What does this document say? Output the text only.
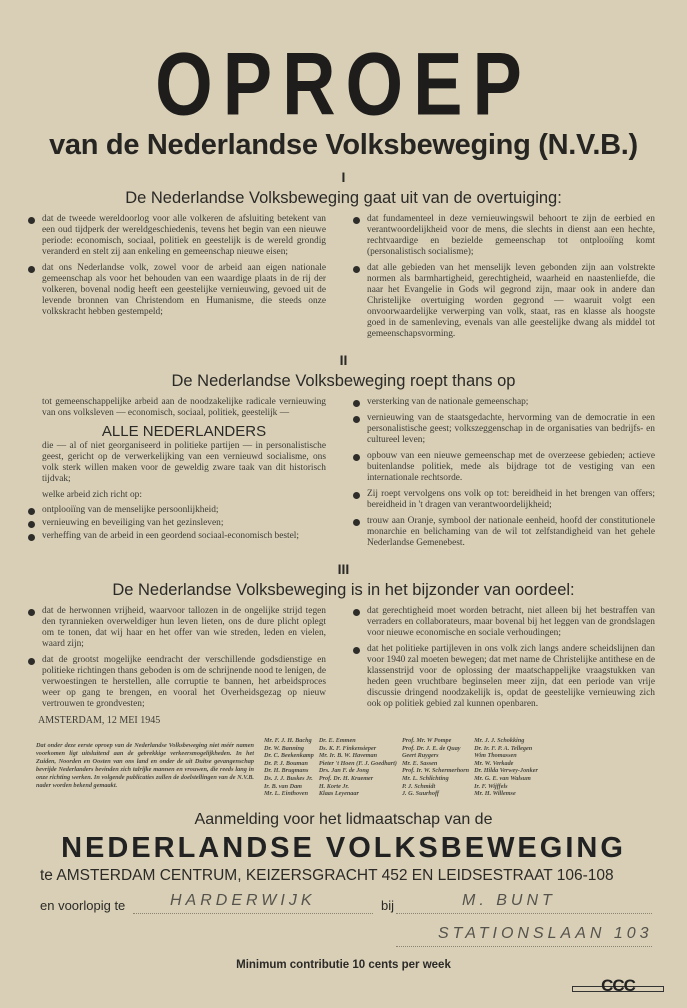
OPROEP
van de Nederlandse Volksbeweging (N.V.B.)
I
De Nederlandse Volksbeweging gaat uit van de overtuiging:
dat de tweede wereldoorlog voor alle volkeren de afsluiting betekent van een oud tijdperk der wereldgeschiedenis, tevens het begin van een nieuwe periode: economisch, sociaal, politiek en geestelijk is de wereld grondig veranderd en stelt zij aan enkeling en gemeenschap nieuwe eisen;
dat ons Nederlandse volk, zowel voor de arbeid aan eigen nationale gemeenschap als voor het behouden van een waardige plaats in de rij der volkeren, bovenal nodig heeft een geestelijke vernieuwing, gevoed uit de levende bronnen van Christendom en Humanisme, die steeds onze volkskracht hebben gestempeld;
dat fundamenteel in deze vernieuwingswil behoort te zijn de eerbied en verantwoordelijkheid voor de mens, die slechts in dienst aan een hechte, rechtvaardige en bezielde gemeenschap tot ontplooiïng komt (personalistisch socialisme);
dat alle gebieden van het menselijk leven gebonden zijn aan volstrekte normen als barmhartigheid, gerechtigheid, waarheid en naastenliefde, die naar het Evangelie in Gods wil gegrond zijn, maar ook in andere dan Christelijke overtuiging worden gegrond — waaruit volgt een onvoorwaardelijke verwerping van volk, staat, ras en klasse als hoogste goed in de samenleving, evenals van alle geestelijke dwang als middel tot gemeenschapsvorming.
II
De Nederlandse Volksbeweging roept thans op
tot gemeenschappelijke arbeid aan de noodzakelijke radicale vernieuwing van ons volksleven — economisch, sociaal, politiek, geestelijk —
ALLE NEDERLANDERS
die — al of niet georganiseerd in politieke partijen — in personalistische geest, gericht op de verwerkelijking van een vernieuwd socialisme, ons volk sterk willen maken voor de geweldig zware taak van dit historisch tijdvak;
welke arbeid zich richt op:
ontplooiïng van de menselijke persoonlijkheid;
vernieuwing en beveiliging van het gezinsleven;
verheffing van de arbeid in een geordend sociaal-economisch bestel;
versterking van de nationale gemeenschap;
vernieuwing van de staatsgedachte, hervorming van de democratie in een personalistische geest; volkszeggenschap in de organisaties van bedrijfs- en cultureel leven;
opbouw van een nieuwe gemeenschap met de overzeese gebieden; actieve buitenlandse politiek, mede als bijdrage tot de vestiging van een internationale rechtsorde.
Zij roept vervolgens ons volk op tot: bereidheid in het brengen van offers; bereidheid in 't dragen van verantwoordelijkheid;
trouw aan Oranje, symbool der nationale eenheid, hoofd der constitutionele monarchie en belichaming van de wil tot zelfstandigheid van het gehele Nederlandse Gemenebest.
III
De Nederlandse Volksbeweging is in het bijzonder van oordeel:
dat de herwonnen vrijheid, waarvoor tallozen in de ongelijke strijd tegen den tyrannieken overweldiger hun leven lieten, ons de dure plicht oplegt om te tonen, dat wij haar en het offer van wie streden, leden en vielen, waard zijn;
dat de grootst mogelijke eendracht der verschillende godsdienstige en politieke richtingen thans geboden is om de schrijnende nood te lenigen, de verwoestingen te herstellen, alle corruptie te bannen, het arbeidsproces weer op gang te brengen, en vooral het Overheidsgezag op nieuw vertrouwen te grondvesten;
AMSTERDAM, 12 MEI 1945
dat gerechtigheid moet worden betracht, niet alleen bij het bestraffen van verraders en collaborateurs, maar bovenal bij het leggen van de grondslagen voor nieuwe economische en sociale verhoudingen;
dat het politieke partijleven in ons volk zich langs andere scheidslijnen dan voor 1940 zal moeten bewegen; dat met name de Christelijke antithese en de klassenstrijd voor de oplossing der maatschappelijke vraagstukken van heden geen vruchtbare beginselen meer zijn, dat een periode van vrije discussie dringend noodzakelijk is, opdat de geestelijke vernieuwing zich ook op politiek gebied zal kunnen openbaren.
Dat onder deze eerste oproep van de Nederlandse Volksbeweging niet méér namen voorkomen ligt uitsluitend aan de gebrekkige verkeersmogelijkheden. In het Zuiden, Noorden en Oosten van ons land en onder de uit Duitse gevangenschap bevrijde Nederlanders bevinden zich talrijke mannen en vrouwen, die reeds lang in onze richting werken. In volgende publicaties zullen de doelstellingen van de N.V.B. nader worden bekend gemaakt.
Mr. F. J. H. Bachg
Dr. W. Banning
Dr. C. Beekenkamp
Dr. P. J. Bouman
Dr. H. Brugmans
Ds. J. J. Buskes Jr.
Ir. B. van Dam
Mr. L. Einthoven
Dr. E. Emmen
Ds. K. F. Finkensieper
Mr. Ir. B. W. Haveman
Pieter 't Hoen (F. J. Goedhart)
Drs. Jan F. de Jong
Prof. Dr. H. Kraemer
H. Korte Jr.
Klaas Leyenaar
Prof. Mr. W Pompe
Prof. Dr. J. E. de Quay
Geert Ruygers
Mr. E. Sassen
Prof. Ir. W. Schermerhorn
Mr. L. Schlichting
P. J. Schmidt
J. G. Suurhoff
Mr. J. J. Schokking
Dr. Ir. F. P. A. Tellegen
Wim Thomassen
Mr. W. Verkade
Dr. Hilda Verwey-Jonker
Mr. G. E. van Walsum
Ir. F. Wijffels
Mr. H. Willemse
Aanmelding voor het lidmaatschap van de
NEDERLANDSE VOLKSBEWEGING
te AMSTERDAM CENTRUM, KEIZERSGRACHT 452 EN LEIDSESTRAAT 106-108
en voorlopig te	HARDERWIJK	bij	M. BUNT
STATIONSLAAN 103
Minimum contributie 10 cents per week
CCC
